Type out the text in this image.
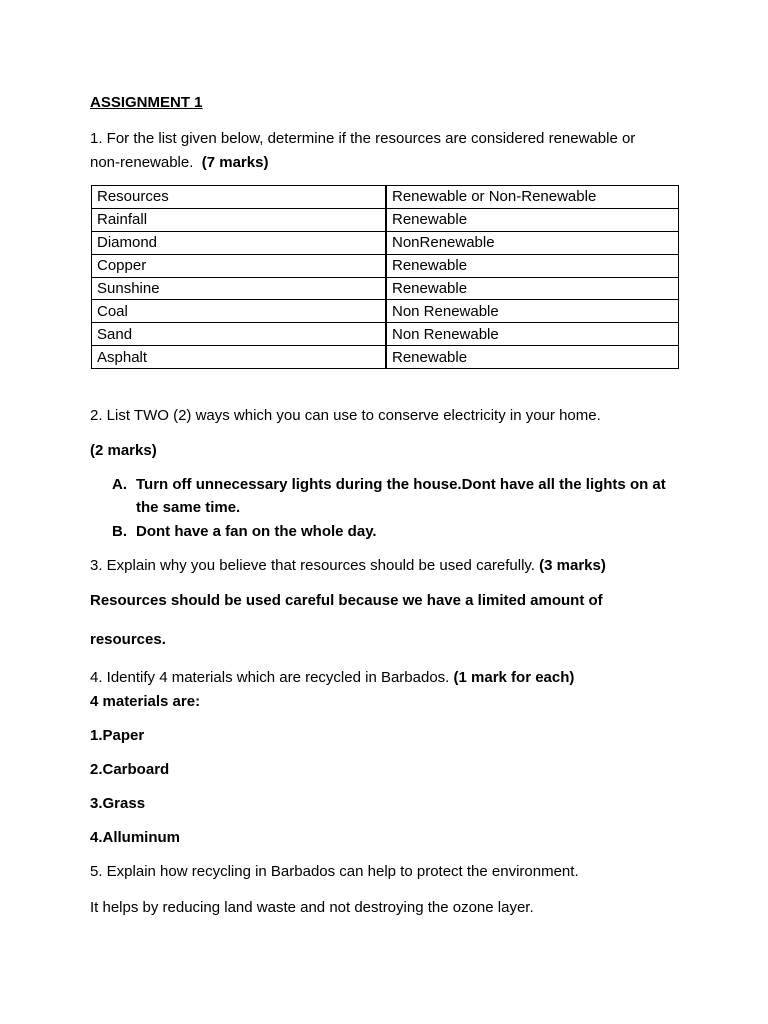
ASSIGNMENT 1
1. For the list given below, determine if the resources are considered renewable or
non-renewable. (7 marks)
Resources	Renewable or Non-Renewable
Rainfall	Renewable
Diamond	NonRenewable
Copper	Renewable
Sunshine	Renewable
Coal	Non Renewable
Sand	Non Renewable
Asphalt	Renewable
2. List TWO (2) ways which you can use to conserve electricity in your home.
(2 marks)
A. Turn off unnecessary lights during the house.Dont have all the lights on at
the same time.
B. Dont have a fan on the whole day.
3. Explain why you believe that resources should be used carefully. (3 marks)
Resources should be used careful because we have a limited amount of
resources.
4. Identify 4 materials which are recycled in Barbados. (1 mark for each)
4 materials are:
1.Paper
2.Carboard
3.Grass
4.Alluminum
5. Explain how recycling in Barbados can help to protect the environment.
It helps by reducing land waste and not destroying the ozone layer.
